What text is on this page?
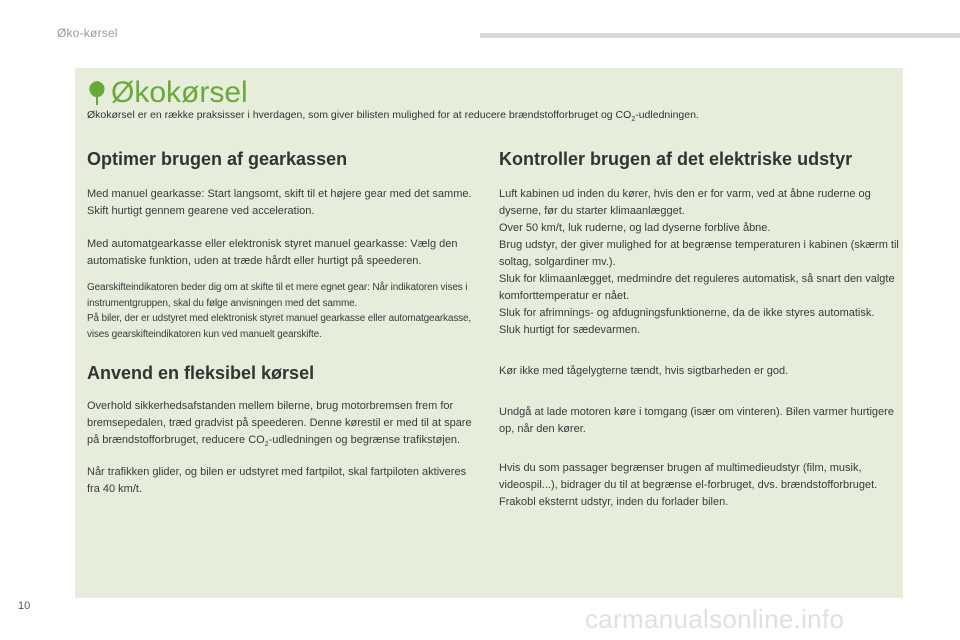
Øko-kørsel
Økokørsel
Økokørsel er en række praksisser i hverdagen, som giver bilisten mulighed for at reducere brændstofforbruget og $CO_2$-udledningen.
Optimer brugen af gearkassen

Med manuel gearkasse: Start langsomt, skift til et højere gear med det samme. Skift hurtigt gennem gearene ved acceleration.

Med automatgearkasse eller elektronisk styret manuel gearkasse: Vælg den automatiske funktion, uden at træde hårdt eller hurtigt på speederen.

Gearskifteindikatoren beder dig om at skifte til et mere egnet gear: Når indikatoren vises i instrumentgruppen, skal du følge anvisningen med det samme.

På biler, der er udstyret med elektronisk styret manuel gearkasse eller automatgearkasse, vises gearskifteindikatoren kun ved manuelt gearskifte.

Anvend en fleksibel kørsel

Overhold sikkerhedsafstanden mellem bilerne, brug motorbremsen frem for bremsepedalen, træd gradvist på speederen. Denne kørestil er med til at spare på brændstofforbruget, reducere $CO_2$-udledningen og begrænse trafikstøjen.

Når trafikken glider, og bilen er udstyret med fartpilot, skal fartpiloten aktiveres fra 40 km/t.

Kontroller brugen af det elektriske udstyr

Luft kabinen ud inden du kører, hvis den er for varm, ved at åbne ruderne og dyserne, før du starter klimaanlægget.

Over 50 km/t, luk ruderne, og lad dyserne forblive åbne.

Brug udstyr, der giver mulighed for at begrænse temperaturen i kabinen (skærm til soltag, solgardiner mv.).

Sluk for klimaanlægget, medmindre det reguleres automatisk, så snart den valgte komforttemperatur er nået.

Sluk for afrimnings- og afdugningsfunktionerne, da de ikke styres automatisk.

Sluk hurtigt for sædevarmen.

Kør ikke med tågelygterne tændt, hvis sigtbarheden er god.

Undgå at lade motoren køre i tomgang (især om vinteren). Bilen varmer hurtigere op, når den kører.

Hvis du som passager begrænser brugen af multimedieudstyr (film, musik, videospil...), bidrager du til at begrænse el-forbruget, dvs. brændstofforbruget.

Frakobl eksternt udstyr, inden du forlader bilen.

10	carmanualsonline.info
